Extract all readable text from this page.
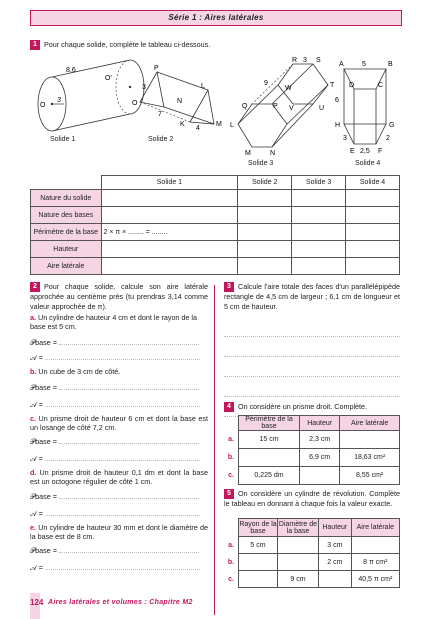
Série 1 : Aires latérales
1 Pour chaque solide, complète le tableau ci-dessous.
8,6
O'
O
3
P
3	L
O	N
7
M
K
4
R 3 S
9
W	T
Q	P V	U
L
M	N
A	5	B
D	C
6
H	G
3	2
E 2,5 F
Solide 1	Solide 2
Solide 3	Solide 4
	Solide 1	Solide 2	Solide 3	Solide 4
Nature du solide				
Nature des bases				
Périmètre de la base	2 × π × ........ = ........			
Hauteur				
Aire latérale				
2 Pour chaque solide, calcule son aire latérale approchée au centième près (tu prendras 3,14 comme valeur approchée de π).
a. Un cylindre de hauteur 4 cm et dont le rayon de la base est 5 cm.
𝒫base =
𝒜 =
b. Un cube de 3 cm de côté.
𝒫base =
𝒜 =
c. Un prisme droit de hauteur 6 cm et dont la base est un losange de côté 7,2 cm.
𝒫base =
𝒜 =
d. Un prisme droit de hauteur 0,1 dm et dont la base est un octogone régulier de côté 1 cm.
𝒫base =
𝒜 =
e. Un cylindre de hauteur 30 mm et dont le diamètre de la base est de 8 cm.
𝒫base =
𝒜 =
3 Calcule l'aire totale des faces d'un parallélépipède rectangle de 4,5 cm de largeur ; 6,1 cm de longueur et 5 cm de hauteur.

4 On considère un prisme droit. Complète.
	Périmètre de la base	Hauteur	Aire latérale
a.	15 cm	2,3 cm	
b.		6,9 cm	18,63 cm²
c.	0,225 dm		8,55 cm²
5 On considère un cylindre de révolution. Complète le tableau en donnant à chaque fois la valeur exacte.
	Rayon de la base	Diamètre de la base	Hauteur	Aire latérale
a.	5 cm		3 cm	
b.			2 cm	8 π cm²
c.		9 cm		40,5 π cm²
124 Aires latérales et volumes : Chapitre M2
